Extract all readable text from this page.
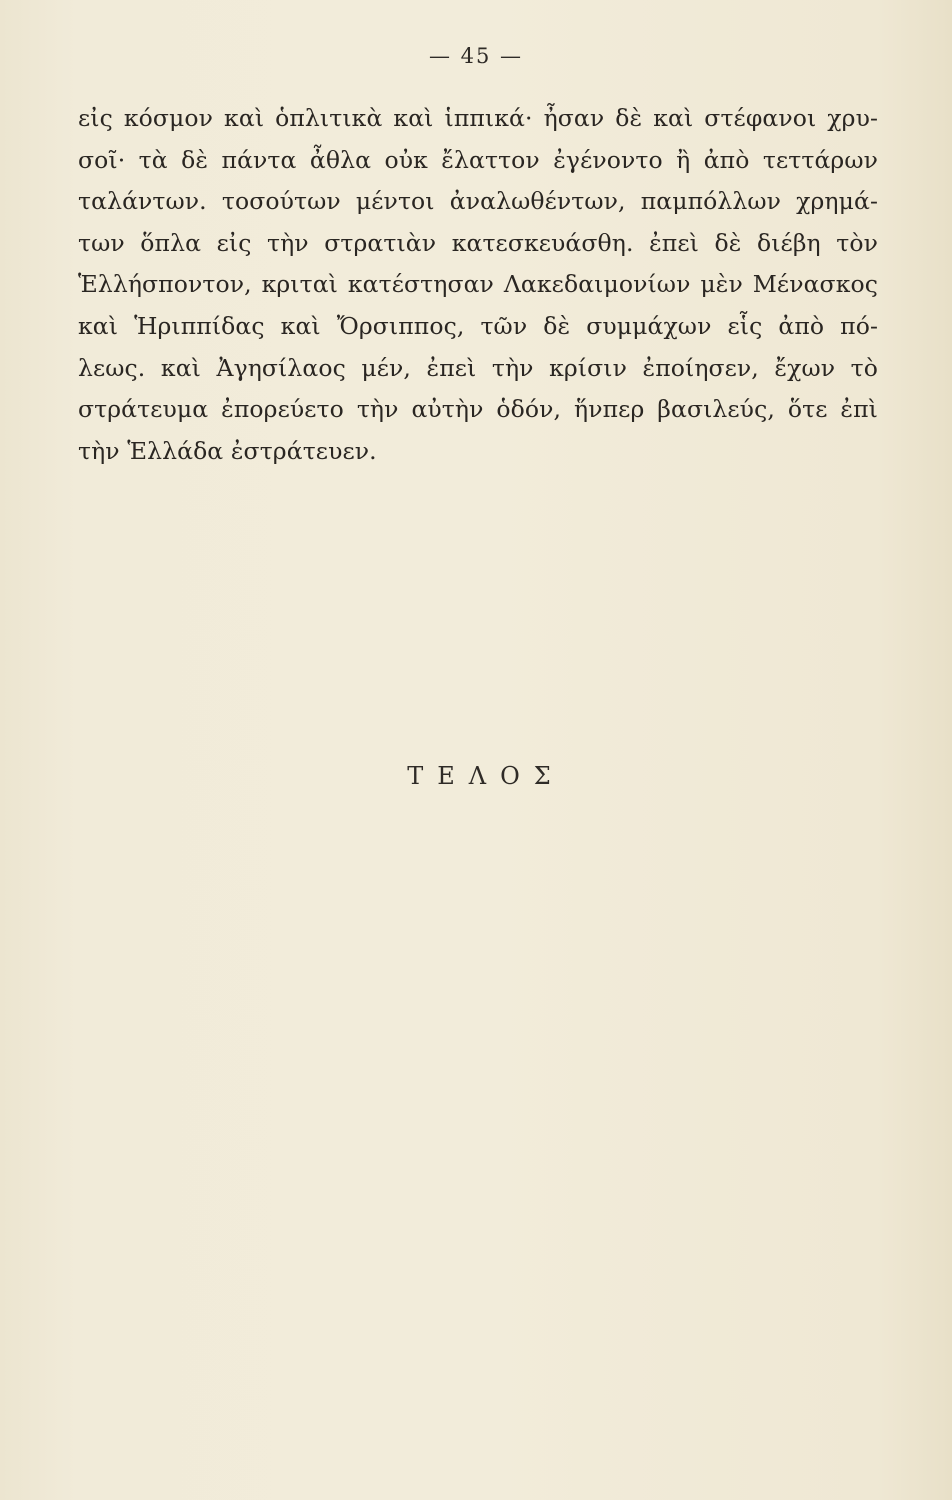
— 45 —
εἰς κόσμον καὶ ὁπλιτικὰ καὶ ἱππικά· ἦσαν δὲ καὶ στέφανοι χρυ-
σοῖ· τὰ δὲ πάντα ἆθλα οὐκ ἔλαττον ἐγένοντο ἢ ἀπὸ τεττάρων
ταλάντων. τοσούτων μέντοι ἀναλωθέντων, παμπόλλων χρημά-
των ὅπλα εἰς τὴν στρατιὰν κατεσκευάσθη. ἐπεὶ δὲ διέβη τὸν
Ἑλλήσποντον, κριταὶ κατέστησαν Λακεδαιμονίων μὲν Μένασκος
καὶ Ἡριππίδας καὶ Ὄρσιππος, τῶν δὲ συμμάχων εἷς ἀπὸ πό-
λεως. καὶ Ἀγησίλαος μέν, ἐπεὶ τὴν κρίσιν ἐποίησεν, ἔχων τὸ
στράτευμα ἐπορεύετο τὴν αὐτὴν ὁδόν, ἥνπερ βασιλεύς, ὅτε ἐπὶ
τὴν Ἑλλάδα ἐστράτευεν.
ΤΕΛΟΣ
